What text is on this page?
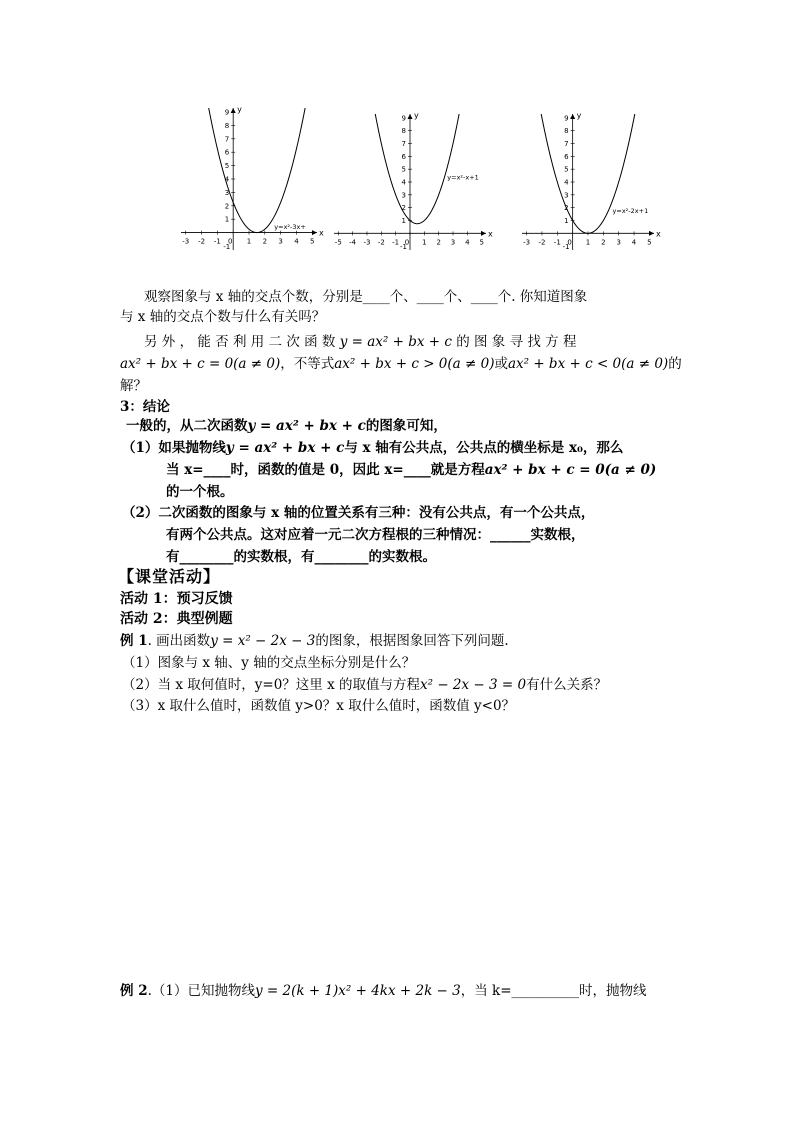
-3 -2 -1 0 1 2 3 4 5
1
2
3
4
5
6
7
8
9
-1
x
y
y=x²-3x+
-5 -4 -3 -2 -1 0 1 2 3 4 5
1
2
3
4
5
6
7
8
9
-1
x
y
y=x²-x+1
-3 -2 -1 0 1 2 3 4 5
1
2
3
4
5
6
7
8
9
-1
x
y
y=x²-2x+1
观察图象与 x 轴的交点个数，分别是____个、____个、____个. 你知道图象
与 x 轴的交点个数与什么有关吗？
另 外 ， 能 否 利 用 二 次 函 数 y = ax² + bx + c 的 图 象 寻 找 方 程
ax² + bx + c = 0(a ≠ 0)，不等式ax² + bx + c > 0(a ≠ 0)或ax² + bx + c < 0(a ≠ 0)的
解？
3：结论
一般的，从二次函数y = ax² + bx + c的图象可知，
（1）如果抛物线y = ax² + bx + c与 x 轴有公共点，公共点的横坐标是 x₀，那么
当 x=____时，函数的值是 0，因此 x=____就是方程ax² + bx + c = 0(a ≠ 0)
的一个根。
（2）二次函数的图象与 x 轴的位置关系有三种：没有公共点，有一个公共点，
有两个公共点。这对应着一元二次方程根的三种情况：______实数根，
有________的实数根，有________的实数根。
【课堂活动】
活动 1：预习反馈
活动 2：典型例题
例 1. 画出函数y = x² − 2x − 3的图象，根据图象回答下列问题.
（1）图象与 x 轴、y 轴的交点坐标分别是什么？
（2）当 x 取何值时，y=0？这里 x 的取值与方程x² − 2x − 3 = 0有什么关系？
（3）x 取什么值时，函数值 y>0？x 取什么值时，函数值 y<0？
例 2.（1）已知抛物线y = 2(k + 1)x² + 4kx + 2k − 3，当 k=__________时，抛物线
